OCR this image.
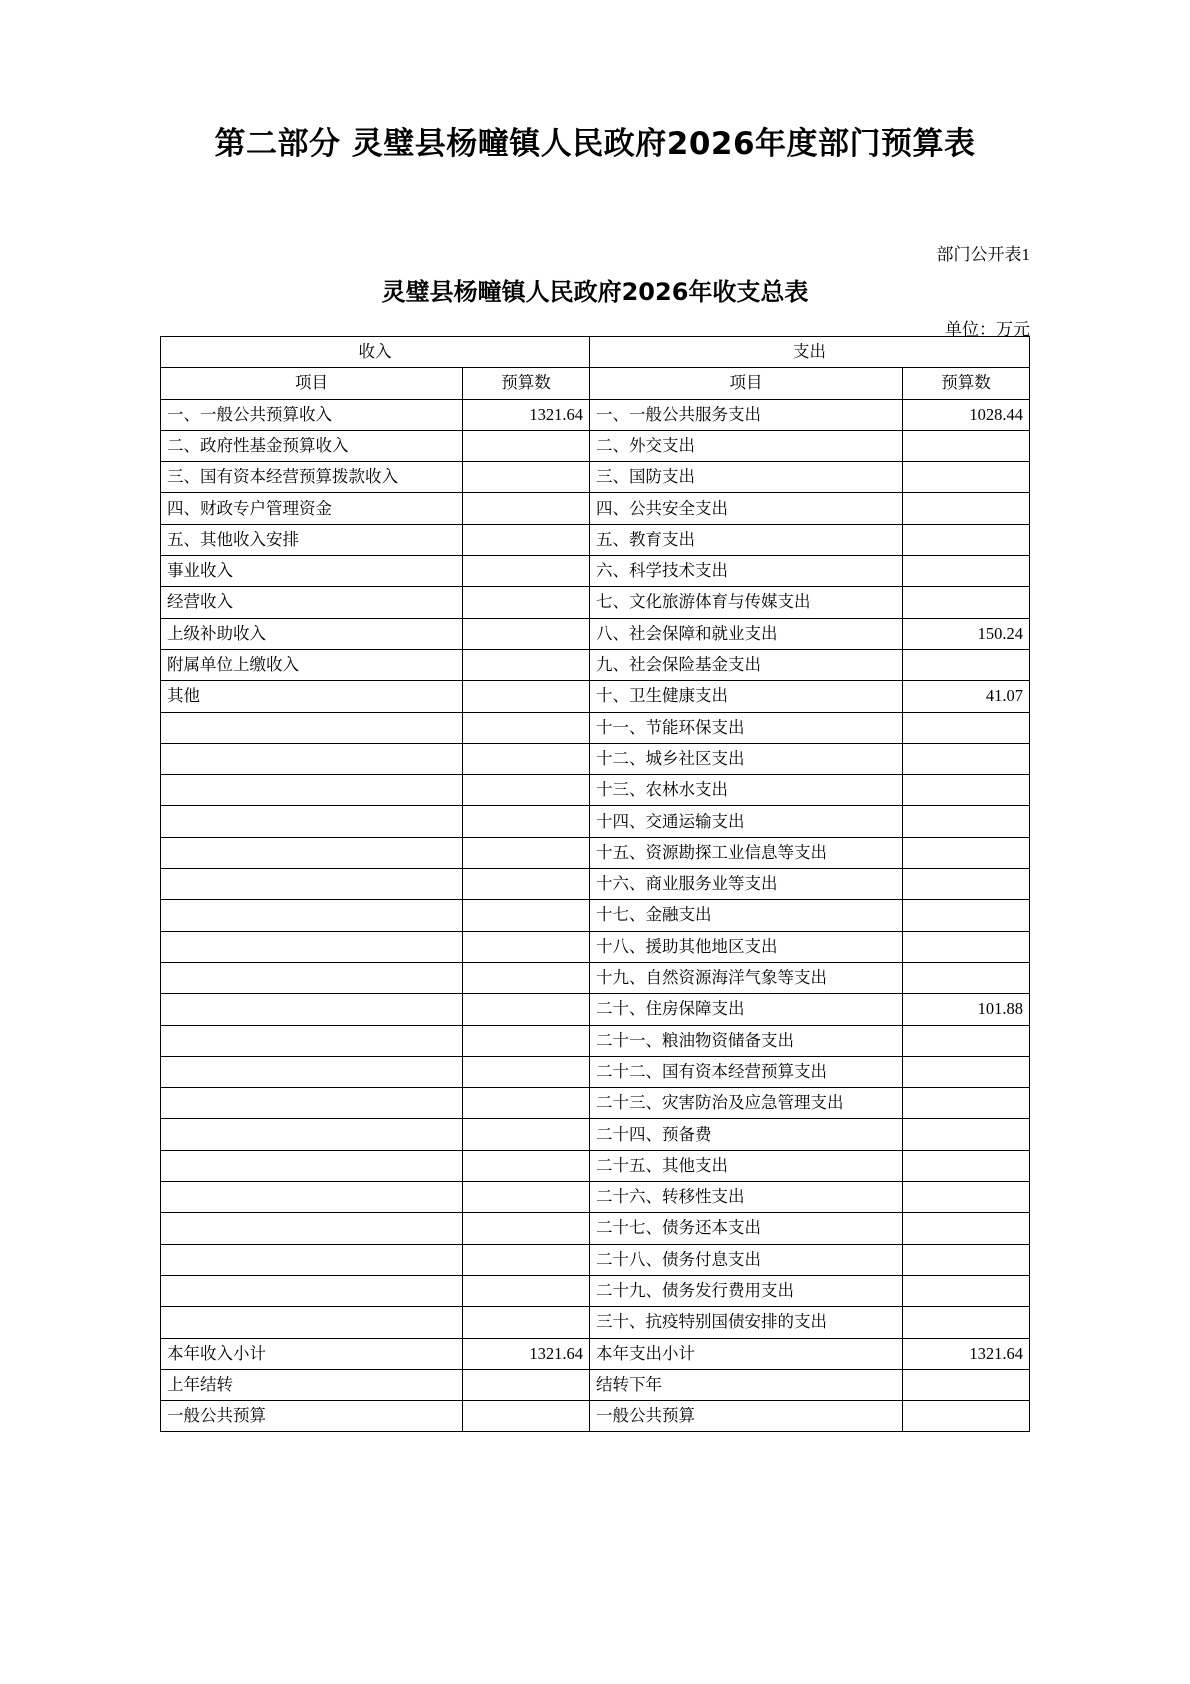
第二部分 灵璧县杨疃镇人民政府2026年度部门预算表
部门公开表1
灵璧县杨疃镇人民政府2026年收支总表
单位：万元
收入		支出	
项目	预算数	项目	预算数
一、一般公共预算收入	1321.64	一、一般公共服务支出	1028.44
二、政府性基金预算收入		二、外交支出	
三、国有资本经营预算拨款收入		三、国防支出	
四、财政专户管理资金		四、公共安全支出	
五、其他收入安排		五、教育支出	
事业收入		六、科学技术支出	
经营收入		七、文化旅游体育与传媒支出	
上级补助收入		八、社会保障和就业支出	150.24
附属单位上缴收入		九、社会保险基金支出	
其他		十、卫生健康支出	41.07
		十一、节能环保支出	
		十二、城乡社区支出	
		十三、农林水支出	
		十四、交通运输支出	
		十五、资源勘探工业信息等支出	
		十六、商业服务业等支出	
		十七、金融支出	
		十八、援助其他地区支出	
		十九、自然资源海洋气象等支出	
		二十、住房保障支出	101.88
		二十一、粮油物资储备支出	
		二十二、国有资本经营预算支出	
		二十三、灾害防治及应急管理支出	
		二十四、预备费	
		二十五、其他支出	
		二十六、转移性支出	
		二十七、债务还本支出	
		二十八、债务付息支出	
		二十九、债务发行费用支出	
		三十、抗疫特别国债安排的支出	
本年收入小计	1321.64	本年支出小计	1321.64
上年结转		结转下年	
一般公共预算		一般公共预算	
